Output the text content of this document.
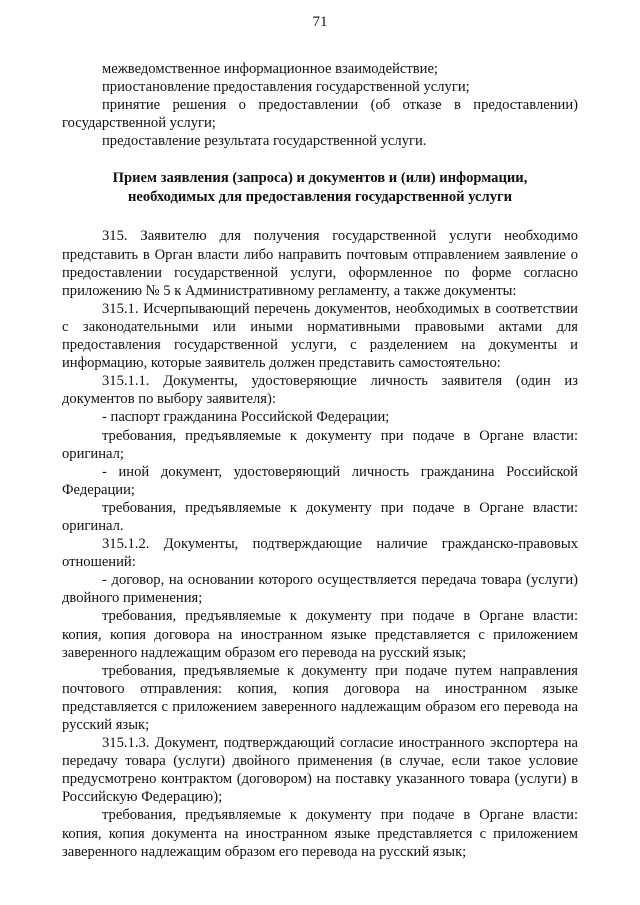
71

межведомственное информационное взаимодействие;

приостановление предоставления государственной услуги;

принятие решения о предоставлении (об отказе в предоставлении) государственной услуги;

предоставление результата государственной услуги.

Прием заявления (запроса) и документов и (или) информации,
необходимых для предоставления государственной услуги

315. Заявителю для получения государственной услуги необходимо представить в Орган власти либо направить почтовым отправлением заявление о предоставлении государственной услуги, оформленное по форме согласно приложению № 5 к Административному регламенту, а также документы:

315.1. Исчерпывающий перечень документов, необходимых в соответствии с законодательными или иными нормативными правовыми актами для предоставления государственной услуги, с разделением на документы и информацию, которые заявитель должен представить самостоятельно:

315.1.1. Документы, удостоверяющие личность заявителя (один из документов по выбору заявителя):

- паспорт гражданина Российской Федерации;

требования, предъявляемые к документу при подаче в Органе власти: оригинал;

- иной документ, удостоверяющий личность гражданина Российской Федерации;

требования, предъявляемые к документу при подаче в Органе власти: оригинал.

315.1.2. Документы, подтверждающие наличие гражданско-правовых отношений:

- договор, на основании которого осуществляется передача товара (услуги) двойного применения;

требования, предъявляемые к документу при подаче в Органе власти: копия, копия договора на иностранном языке представляется с приложением заверенного надлежащим образом его перевода на русский язык;

требования, предъявляемые к документу при подаче путем направления почтового отправления: копия, копия договора на иностранном языке представляется с приложением заверенного надлежащим образом его перевода на русский язык;

315.1.3. Документ, подтверждающий согласие иностранного экспортера на передачу товара (услуги) двойного применения (в случае, если такое условие предусмотрено контрактом (договором) на поставку указанного товара (услуги) в Российскую Федерацию);

требования, предъявляемые к документу при подаче в Органе власти: копия, копия документа на иностранном языке представляется с приложением заверенного надлежащим образом его перевода на русский язык;
